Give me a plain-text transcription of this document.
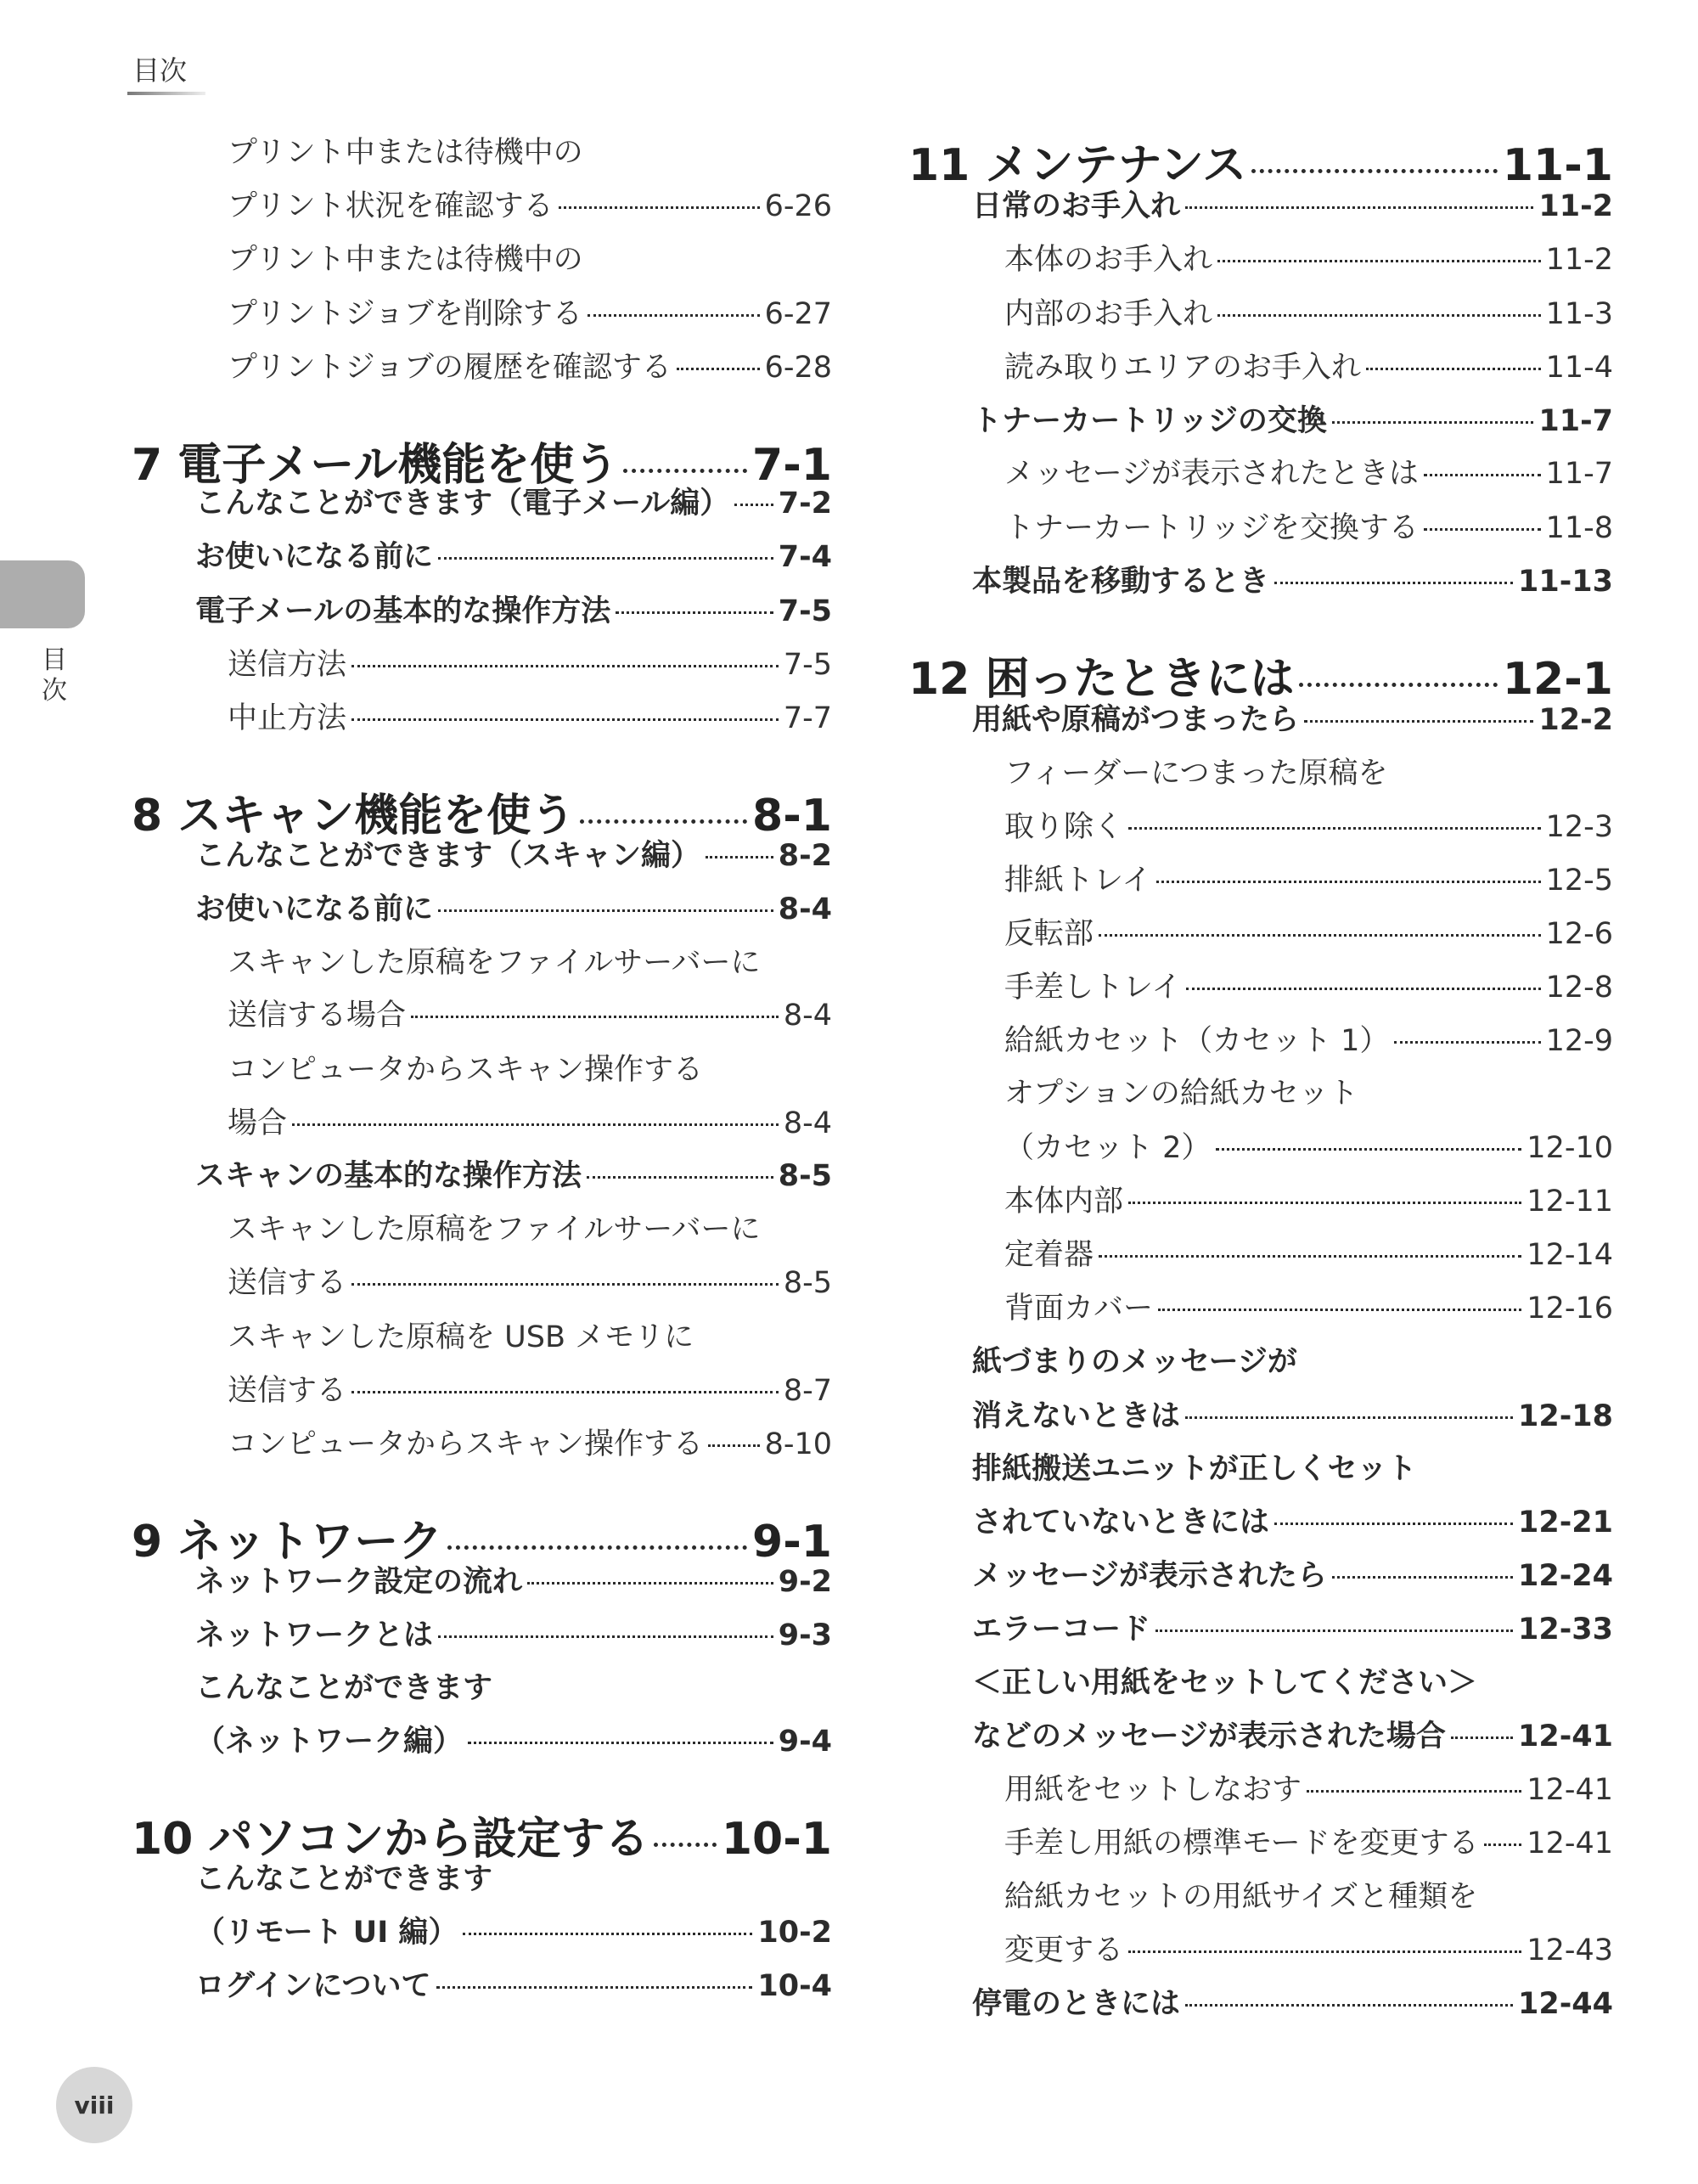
目次
目次
viii
プリント中または待機中の
プリント状況を確認する	6-26
プリント中または待機中の
プリントジョブを削除する	6-27
プリントジョブの履歴を確認する	6-28
7 電子メール機能を使う	7-1
こんなことができます（電子メール編） 7-2
お使いになる前に	7-4
電子メールの基本的な操作方法	7-5
送信方法	7-5
中止方法	7-7
8 スキャン機能を使う	8-1
こんなことができます（スキャン編）	8-2
お使いになる前に	8-4
スキャンした原稿をファイルサーバーに
送信する場合	8-4
コンピュータからスキャン操作する
場合	8-4
スキャンの基本的な操作方法	8-5
スキャンした原稿をファイルサーバーに
送信する	8-5
スキャンした原稿を USB メモリに
送信する	8-7
コンピュータからスキャン操作する 8-10
9 ネットワーク	9-1
ネットワーク設定の流れ	9-2
ネットワークとは	9-3
こんなことができます
（ネットワーク編）	9-4
10 パソコンから設定する 10-1
こんなことができます
（リモート UI 編）	10-2
ログインについて	10-4
11 メンテナンス	11-1
日常のお手入れ	11-2
本体のお手入れ	11-2
内部のお手入れ	11-3
読み取りエリアのお手入れ	11-4
トナーカートリッジの交換	11-7
メッセージが表示されたときは	11-7
トナーカートリッジを交換する	11-8
本製品を移動するとき	11-13
12 困ったときには	12-1
用紙や原稿がつまったら	12-2
フィーダーにつまった原稿を
取り除く	12-3
排紙トレイ	12-5
反転部	12-6
手差しトレイ	12-8
給紙カセット（カセット 1）	12-9
オプションの給紙カセット
（カセット 2）	12-10
本体内部	12-11
定着器	12-14
背面カバー	12-16
紙づまりのメッセージが
消えないときは	12-18
排紙搬送ユニットが正しくセット
されていないときには	12-21
メッセージが表示されたら	12-24
エラーコード	12-33
＜正しい用紙をセットしてください＞
などのメッセージが表示された場合 12-41
用紙をセットしなおす	12-41
手差し用紙の標準モードを変更する 12-41
給紙カセットの用紙サイズと種類を
変更する	12-43
停電のときには	12-44
